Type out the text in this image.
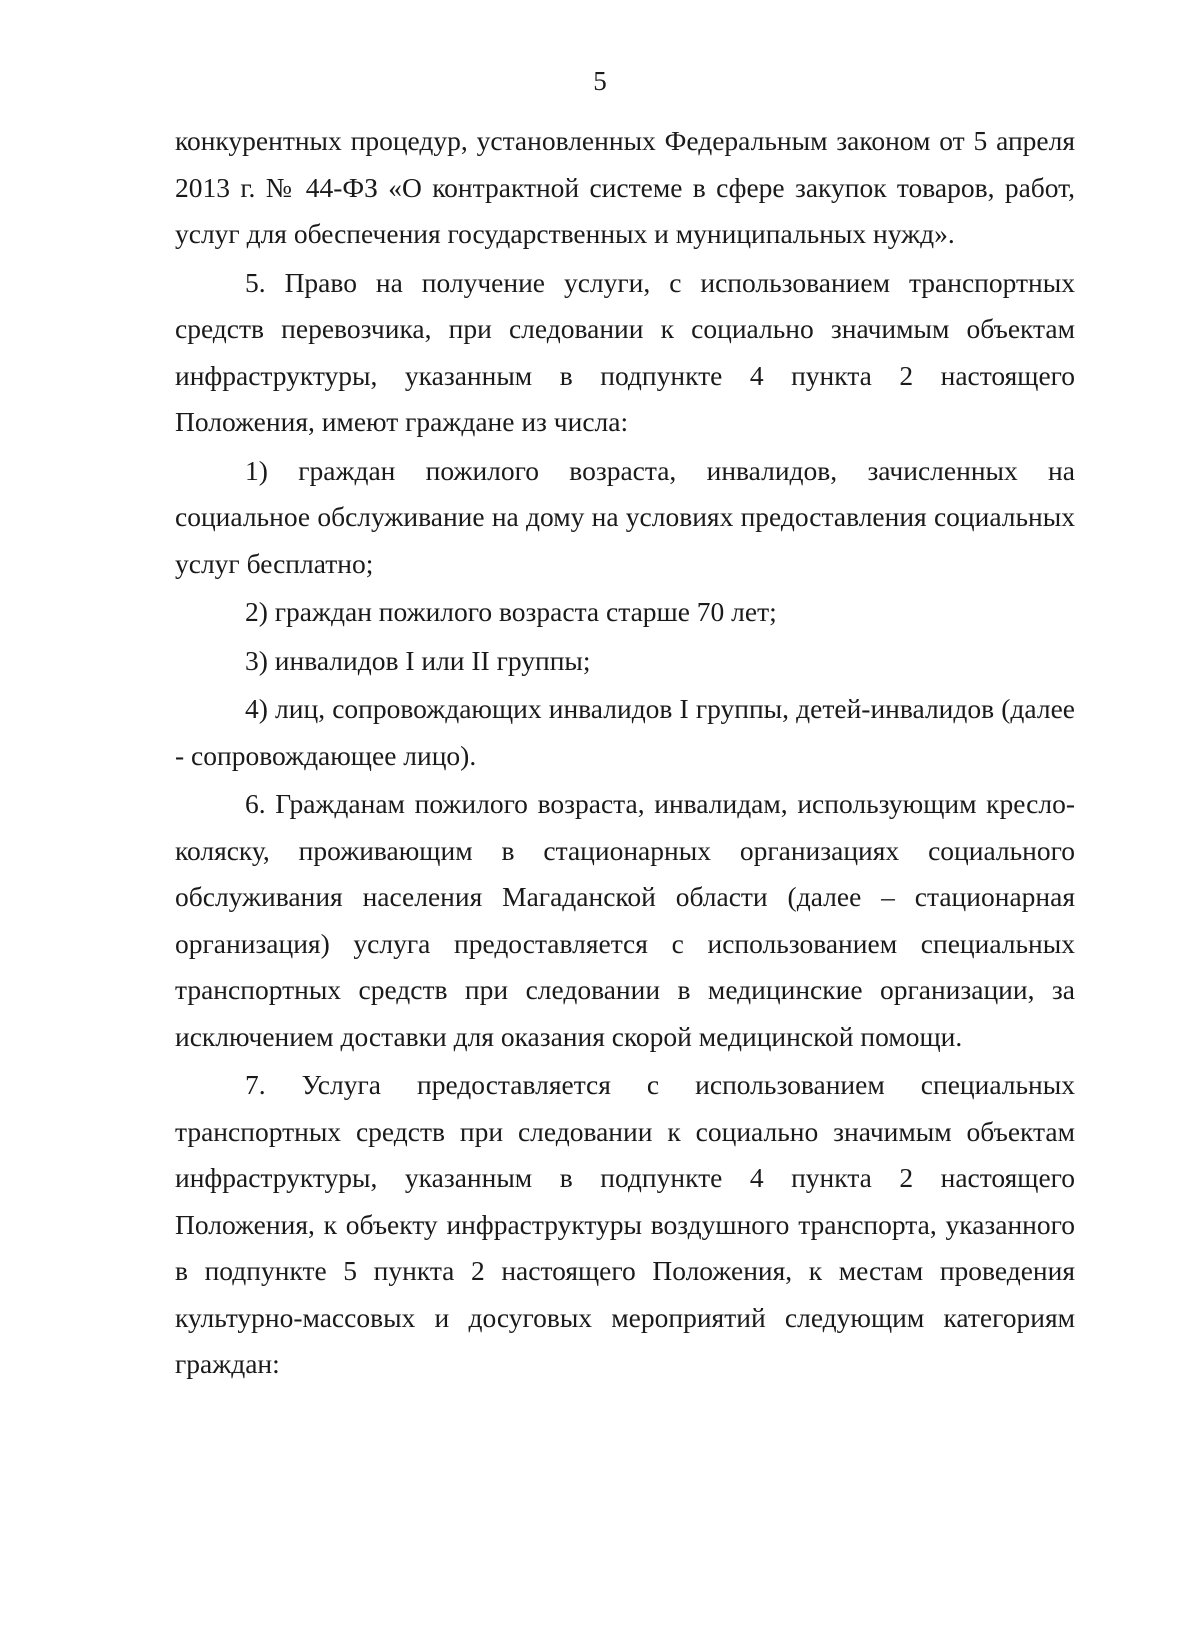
5

конкурентных процедур, установленных Федеральным законом от 5 апреля 2013 г. № 44-ФЗ «О контрактной системе в сфере закупок товаров, работ, услуг для обеспечения государственных и муниципальных нужд».

5. Право на получение услуги, с использованием транспортных средств перевозчика, при следовании к социально значимым объектам инфраструктуры, указанным в подпункте 4 пункта 2 настоящего Положения, имеют граждане из числа:

1) граждан пожилого возраста, инвалидов, зачисленных на социальное обслуживание на дому на условиях предоставления социальных услуг бесплатно;

2) граждан пожилого возраста старше 70 лет;

3) инвалидов I или II группы;

4) лиц, сопровождающих инвалидов I группы, детей-инвалидов (далее - сопровождающее лицо).

6. Гражданам пожилого возраста, инвалидам, использующим кресло-коляску, проживающим в стационарных организациях социального обслуживания населения Магаданской области (далее – стационарная организация) услуга предоставляется с использованием специальных транспортных средств при следовании в медицинские организации, за исключением доставки для оказания скорой медицинской помощи.

7. Услуга предоставляется с использованием специальных транспортных средств при следовании к социально значимым объектам инфраструктуры, указанным в подпункте 4 пункта 2 настоящего Положения, к объекту инфраструктуры воздушного транспорта, указанного в подпункте 5 пункта 2 настоящего Положения, к местам проведения культурно-массовых и досуговых мероприятий следующим категориям граждан:
